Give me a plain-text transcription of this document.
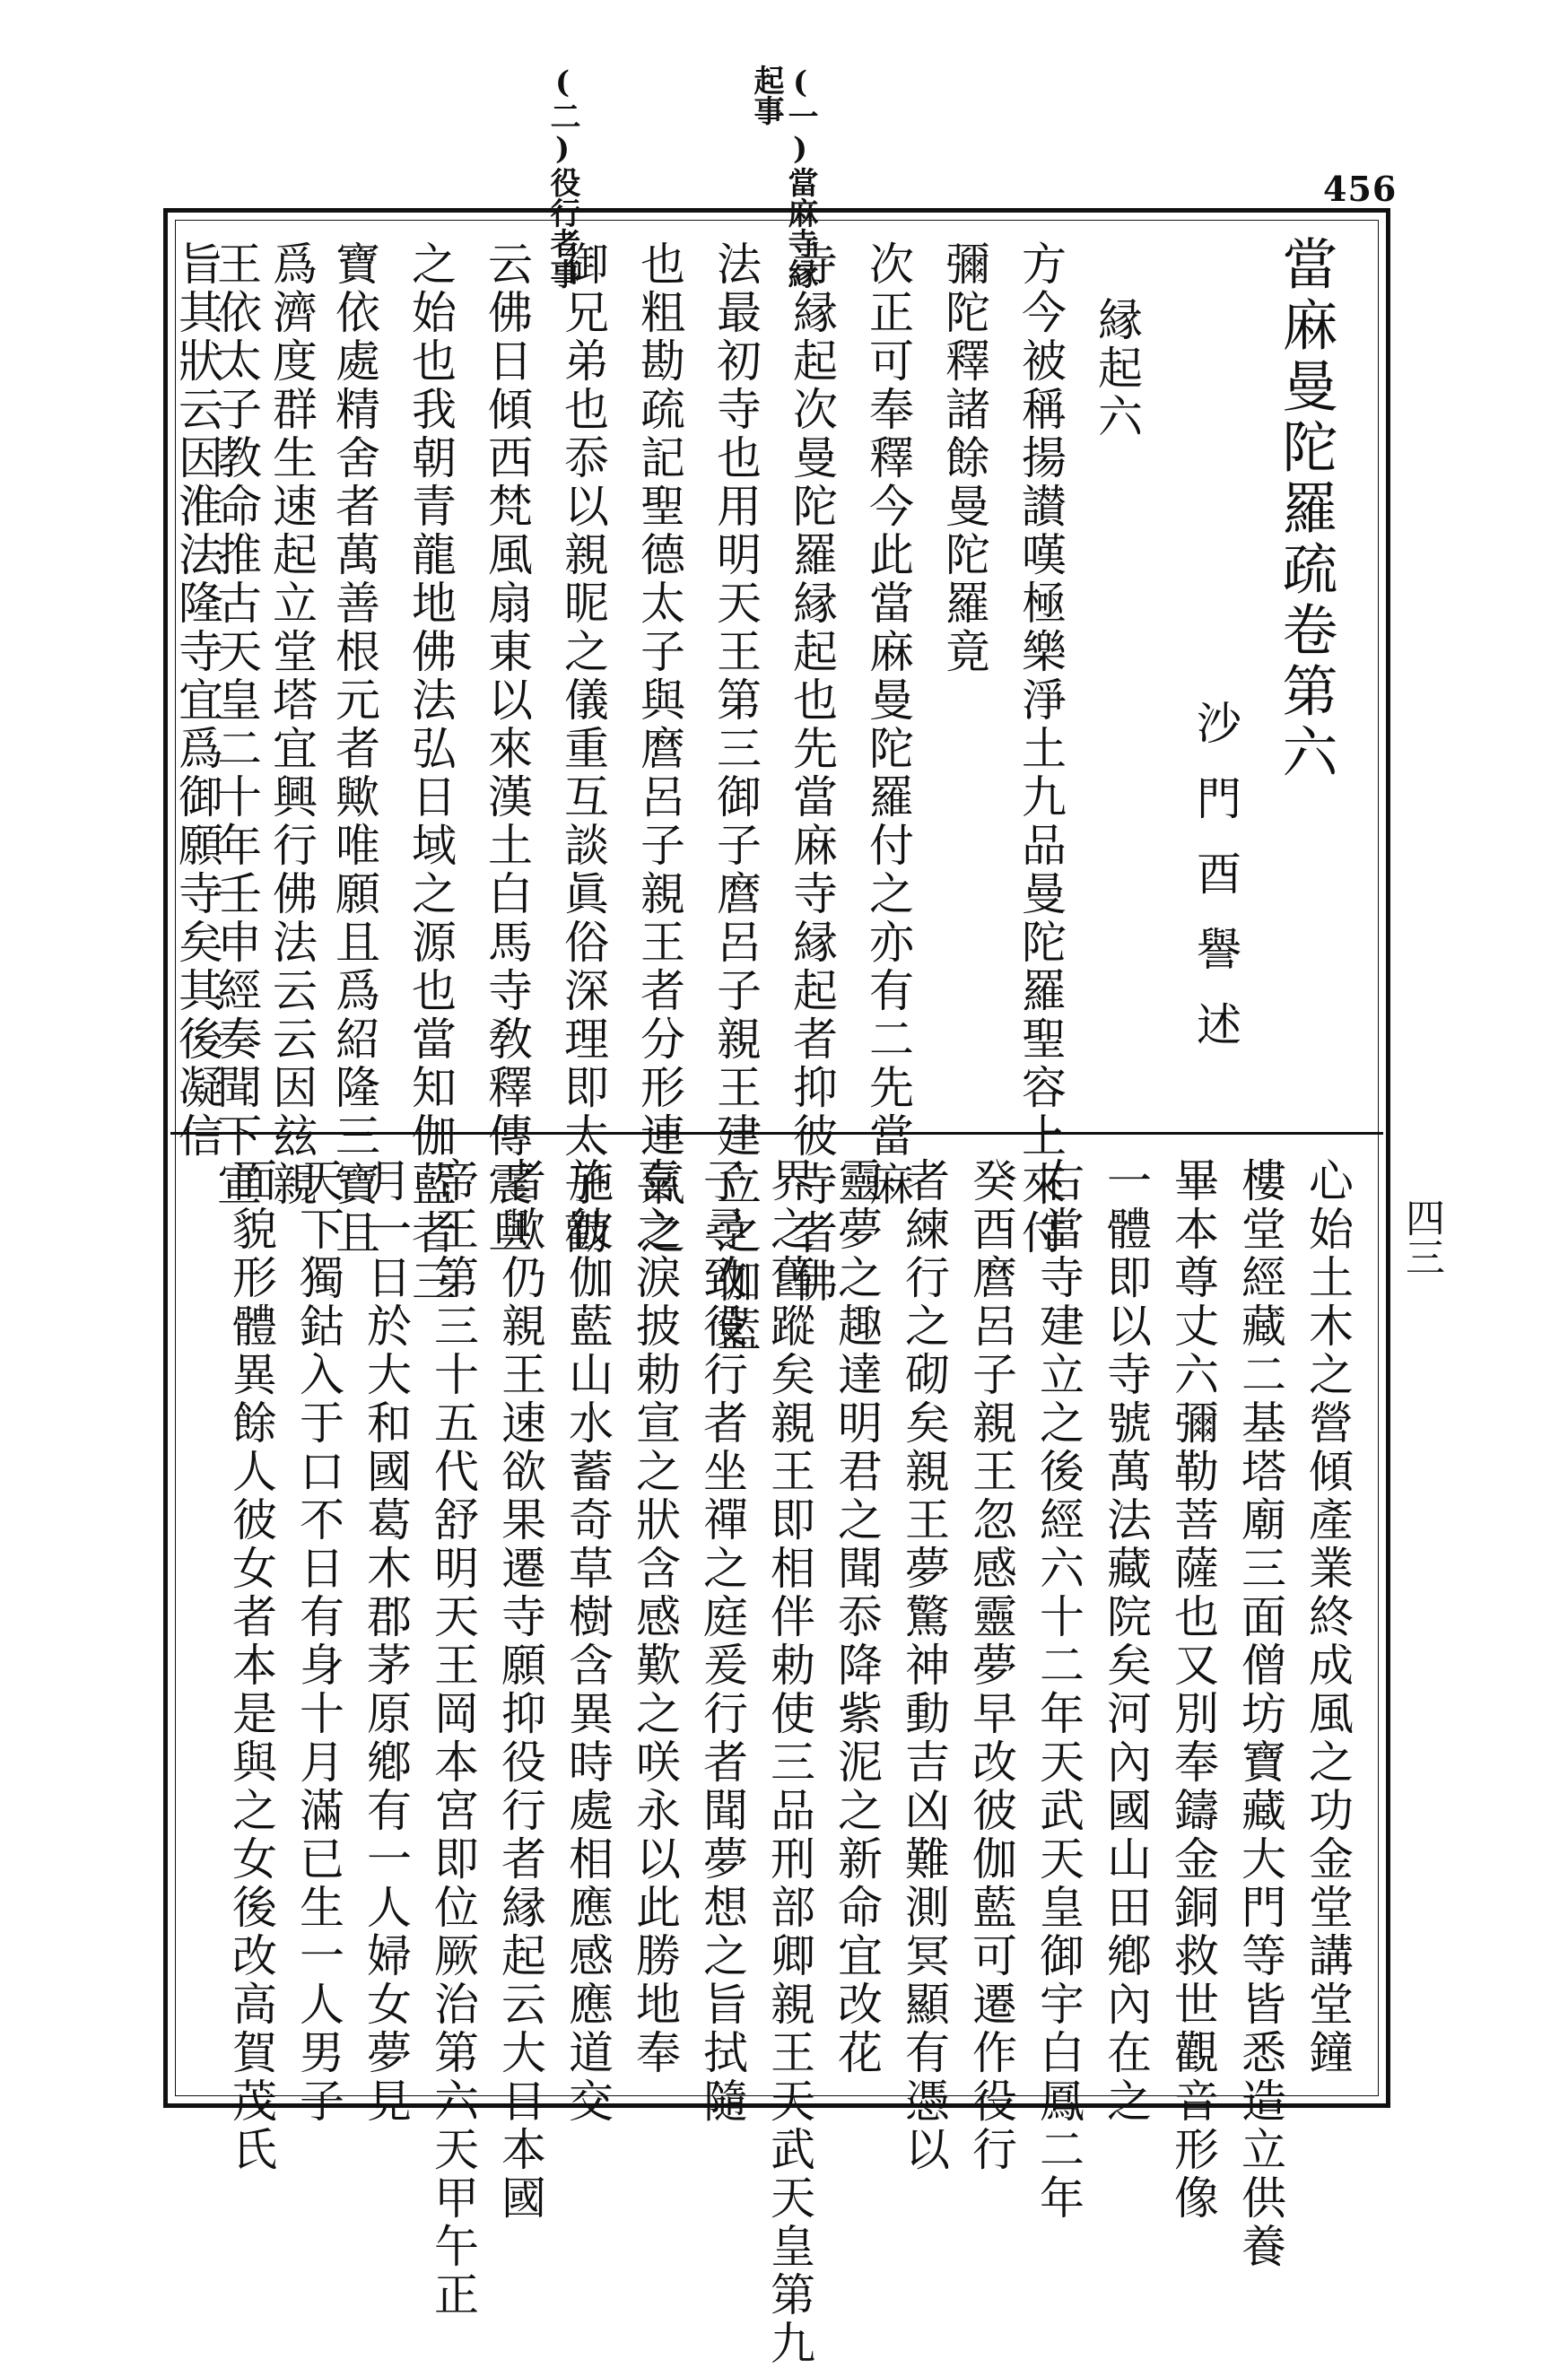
456
(一)當麻寺縁
起事
(二)役行者事
四三
當麻曼陀羅疏卷第六
沙門酉譽述
縁起六
方今被稱揚讃嘆極樂淨土九品曼陀羅聖容上來付
彌陀釋諸餘曼陀羅竟
次正可奉釋今此當麻曼陀羅付之亦有二先當麻
寺縁起次曼陀羅縁起也先當麻寺縁起者抑彼寺者佛
法最初寺也用明天王第三御子麿呂子親王建立之伽藍
也粗勘疏記聖德太子與麿呂子親王者分形連氣之
御兄弟也忝以親昵之儀重互談眞俗深理即太子勸
云佛日傾西梵風扇東以來漢土白馬寺敎釋傳震旦
之始也我朝青龍地佛法弘日域之源也當知伽藍者三
寶依處精舍者萬善根元者歟唯願且爲紹隆三寶且
爲濟度群生速起立堂塔宜興行佛法云云因玆親
王依太子教命推古天皇二十年壬申經奏聞下宣
旨其狀云因淮法隆寺宜爲御願寺矣其後凝信
心始土木之營傾產業終成風之功金堂講堂鐘
樓堂經藏二基塔廟三面僧坊寶藏大門等皆悉造立供養
畢本尊丈六彌勒菩薩也又別奉鑄金銅救世觀音形像
一體即以寺號萬法藏院矣河內國山田鄕內在之
右當寺建立之後經六十二年天武天皇御宇白鳳二年
癸酉麿呂子親王忽感靈夢早改彼伽藍可遷作役行
者練行之砌矣親王夢驚神動吉凶難測冥顯有憑以
靈夢之趣達明君之聞忝降紫泥之新命宜改花
界之舊蹤矣親王即相伴勅使三品刑部卿親王天武天皇第九
子尋致役行者坐禪之庭爰行者聞夢想之旨拭隨
喜之淚披勅宣之狀含感歎之咲永以此勝地奉
施彼伽藍山水蓄奇草樹含異時處相應感應道交
者歟仍親王速欲果遷寺願抑役行者縁起云大日本國
帝王第三十五代舒明天王岡本宮即位厥治第六天甲午正
月一日於大和國葛木郡茅原鄕有一人婦女夢見
天下獨鈷入于口不日有身十月滿已生一人男子
面貌形體異餘人彼女者本是與之女後改高賀茂氏
